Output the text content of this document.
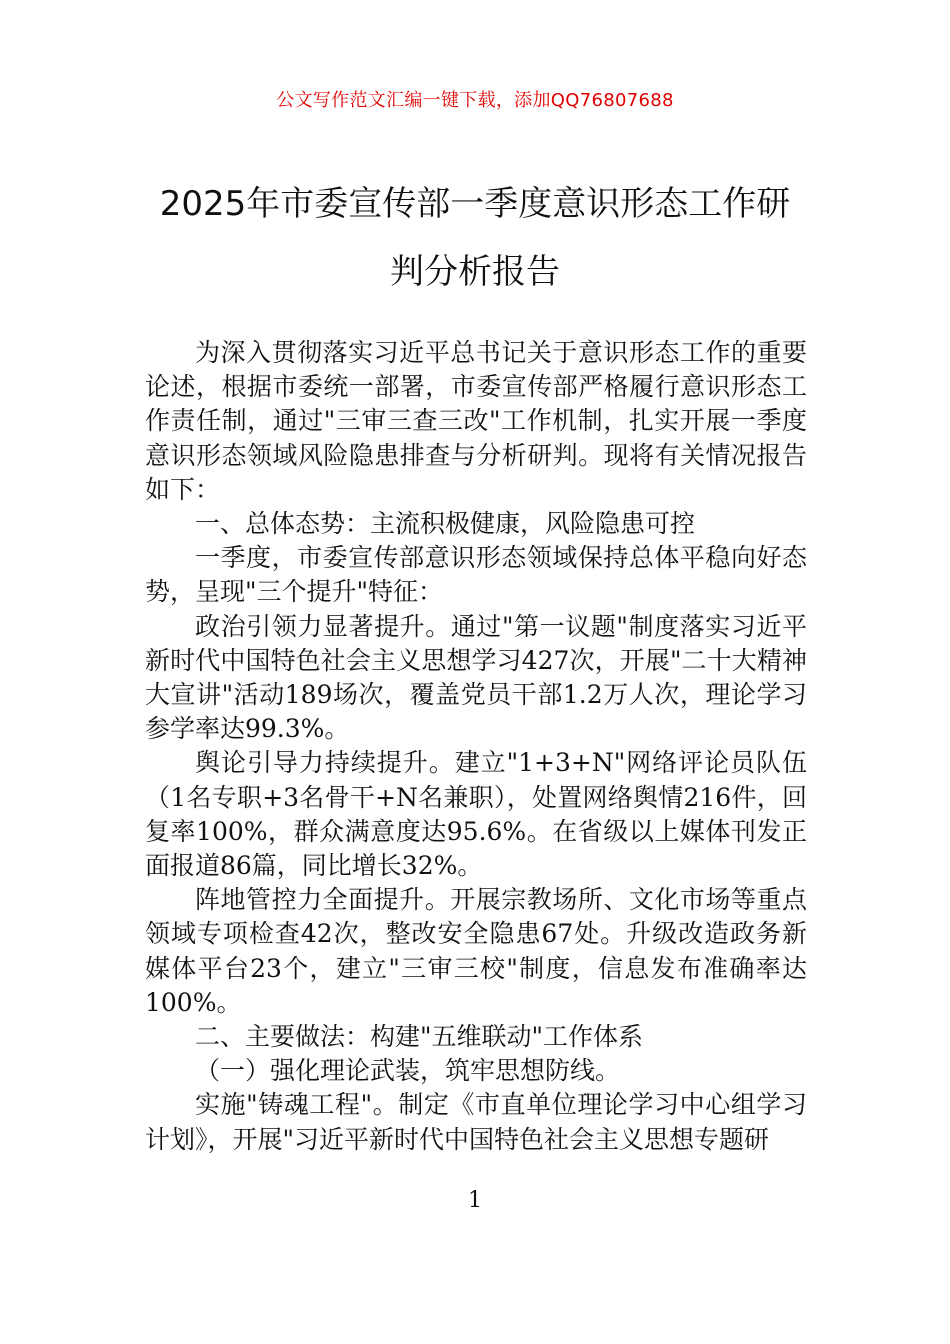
公文写作范文汇编一键下载，添加QQ76807688
2025年市委宣传部一季度意识形态工作研判分析报告

为深入贯彻落实习近平总书记关于意识形态工作的重要论述，根据市委统一部署，市委宣传部严格履行意识形态工作责任制，通过"三审三查三改"工作机制，扎实开展一季度意识形态领域风险隐患排查与分析研判。现将有关情况报告如下：

一、总体态势：主流积极健康，风险隐患可控

一季度，市委宣传部意识形态领域保持总体平稳向好态势，呈现"三个提升"特征：

政治引领力显著提升。通过"第一议题"制度落实习近平新时代中国特色社会主义思想学习427次，开展"二十大精神大宣讲"活动189场次，覆盖党员干部1.2万人次，理论学习参学率达99.3%。

舆论引导力持续提升。建立"1+3+N"网络评论员队伍（1名专职+3名骨干+N名兼职），处置网络舆情216件，回复率100%，群众满意度达95.6%。在省级以上媒体刊发正面报道86篇，同比增长32%。

阵地管控力全面提升。开展宗教场所、文化市场等重点领域专项检查42次，整改安全隐患67处。升级改造政务新媒体平台23个，建立"三审三校"制度，信息发布准确率达100%。

二、主要做法：构建"五维联动"工作体系

（一）强化理论武装，筑牢思想防线。

实施"铸魂工程"。制定《市直单位理论学习中心组学习计划》，开展"习近平新时代中国特色社会主义思想专题研

1
